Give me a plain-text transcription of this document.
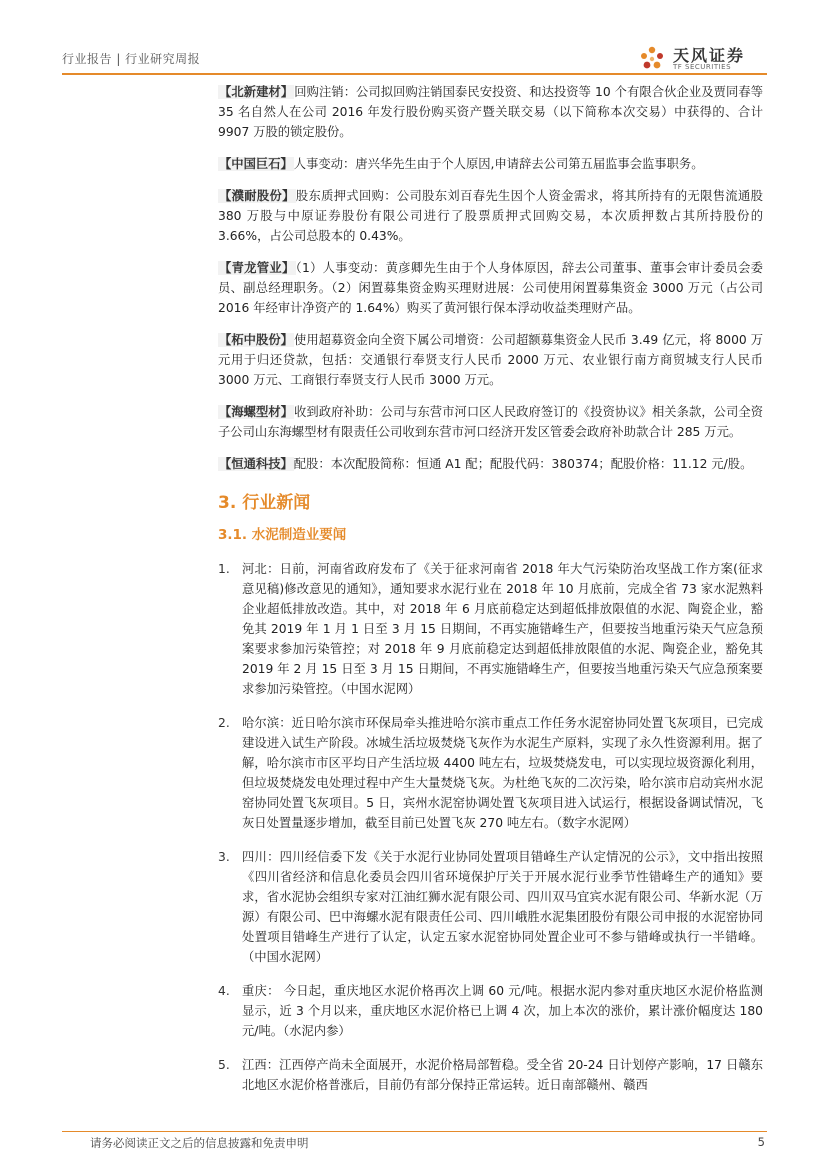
行业报告 | 行业研究周报	天风证券
TF SECURITIES
【北新建材】回购注销：公司拟回购注销国泰民安投资、和达投资等 10 个有限合伙企业及贾同春等 35 名自然人在公司 2016 年发行股份购买资产暨关联交易（以下简称本次交易）中获得的、合计 9907 万股的锁定股份。
【中国巨石】人事变动：唐兴华先生由于个人原因,申请辞去公司第五届监事会监事职务。
【濮耐股份】股东质押式回购：公司股东刘百春先生因个人资金需求，将其所持有的无限售流通股 380 万股与中原证券股份有限公司进行了股票质押式回购交易，本次质押数占其所持股份的 3.66%，占公司总股本的 0.43%。
【青龙管业】（1）人事变动：黄彦卿先生由于个人身体原因，辞去公司董事、董事会审计委员会委员、副总经理职务。（2）闲置募集资金购买理财进展：公司使用闲置募集资金 3000 万元（占公司 2016 年经审计净资产的 1.64%）购买了黄河银行保本浮动收益类理财产品。
【柘中股份】使用超募资金向全资下属公司增资：公司超额募集资金人民币 3.49 亿元，将 8000 万元用于归还贷款，包括：交通银行奉贤支行人民币 2000 万元、农业银行南方商贸城支行人民币 3000 万元、工商银行奉贤支行人民币 3000 万元。
【海螺型材】收到政府补助：公司与东营市河口区人民政府签订的《投资协议》相关条款，公司全资子公司山东海螺型材有限责任公司收到东营市河口经济开发区管委会政府补助款合计 285 万元。
【恒通科技】配股：本次配股简称：恒通 A1 配；配股代码：380374；配股价格：11.12 元/股。
3. 行业新闻
3.1. 水泥制造业要闻
1. 河北：日前，河南省政府发布了《关于征求河南省 2018 年大气污染防治攻坚战工作方案(征求意见稿)修改意见的通知》，通知要求水泥行业在 2018 年 10 月底前，完成全省 73 家水泥熟料企业超低排放改造。其中，对 2018 年 6 月底前稳定达到超低排放限值的水泥、陶瓷企业，豁免其 2019 年 1 月 1 日至 3 月 15 日期间，不再实施错峰生产，但要按当地重污染天气应急预案要求参加污染管控；对 2018 年 9 月底前稳定达到超低排放限值的水泥、陶瓷企业，豁免其 2019 年 2 月 15 日至 3 月 15 日期间，不再实施错峰生产，但要按当地重污染天气应急预案要求参加污染管控。（中国水泥网）
2. 哈尔滨：近日哈尔滨市环保局牵头推进哈尔滨市重点工作任务水泥窑协同处置飞灰项目，已完成建设进入试生产阶段。冰城生活垃圾焚烧飞灰作为水泥生产原料，实现了永久性资源利用。据了解，哈尔滨市市区平均日产生活垃圾 4400 吨左右，垃圾焚烧发电，可以实现垃圾资源化利用，但垃圾焚烧发电处理过程中产生大量焚烧飞灰。为杜绝飞灰的二次污染，哈尔滨市启动宾州水泥窑协同处置飞灰项目。5 日，宾州水泥窑协调处置飞灰项目进入试运行，根据设备调试情况，飞灰日处置量逐步增加，截至目前已处置飞灰 270 吨左右。（数字水泥网）
3. 四川：四川经信委下发《关于水泥行业协同处置项目错峰生产认定情况的公示》，文中指出按照《四川省经济和信息化委员会四川省环境保护厅关于开展水泥行业季节性错峰生产的通知》要求，省水泥协会组织专家对江油红狮水泥有限公司、四川双马宜宾水泥有限公司、华新水泥（万源）有限公司、巴中海螺水泥有限责任公司、四川峨胜水泥集团股份有限公司申报的水泥窑协同处置项目错峰生产进行了认定，认定五家水泥窑协同处置企业可不参与错峰或执行一半错峰。（中国水泥网）
4. 重庆： 今日起，重庆地区水泥价格再次上调 60 元/吨。根据水泥内参对重庆地区水泥价格监测显示，近 3 个月以来，重庆地区水泥价格已上调 4 次，加上本次的涨价，累计涨价幅度达 180 元/吨。（水泥内参）
5. 江西：江西停产尚未全面展开，水泥价格局部暂稳。受全省 20-24 日计划停产影响，17 日赣东北地区水泥价格普涨后，目前仍有部分保持正常运转。近日南部赣州、赣西
请务必阅读正文之后的信息披露和免责申明	5
